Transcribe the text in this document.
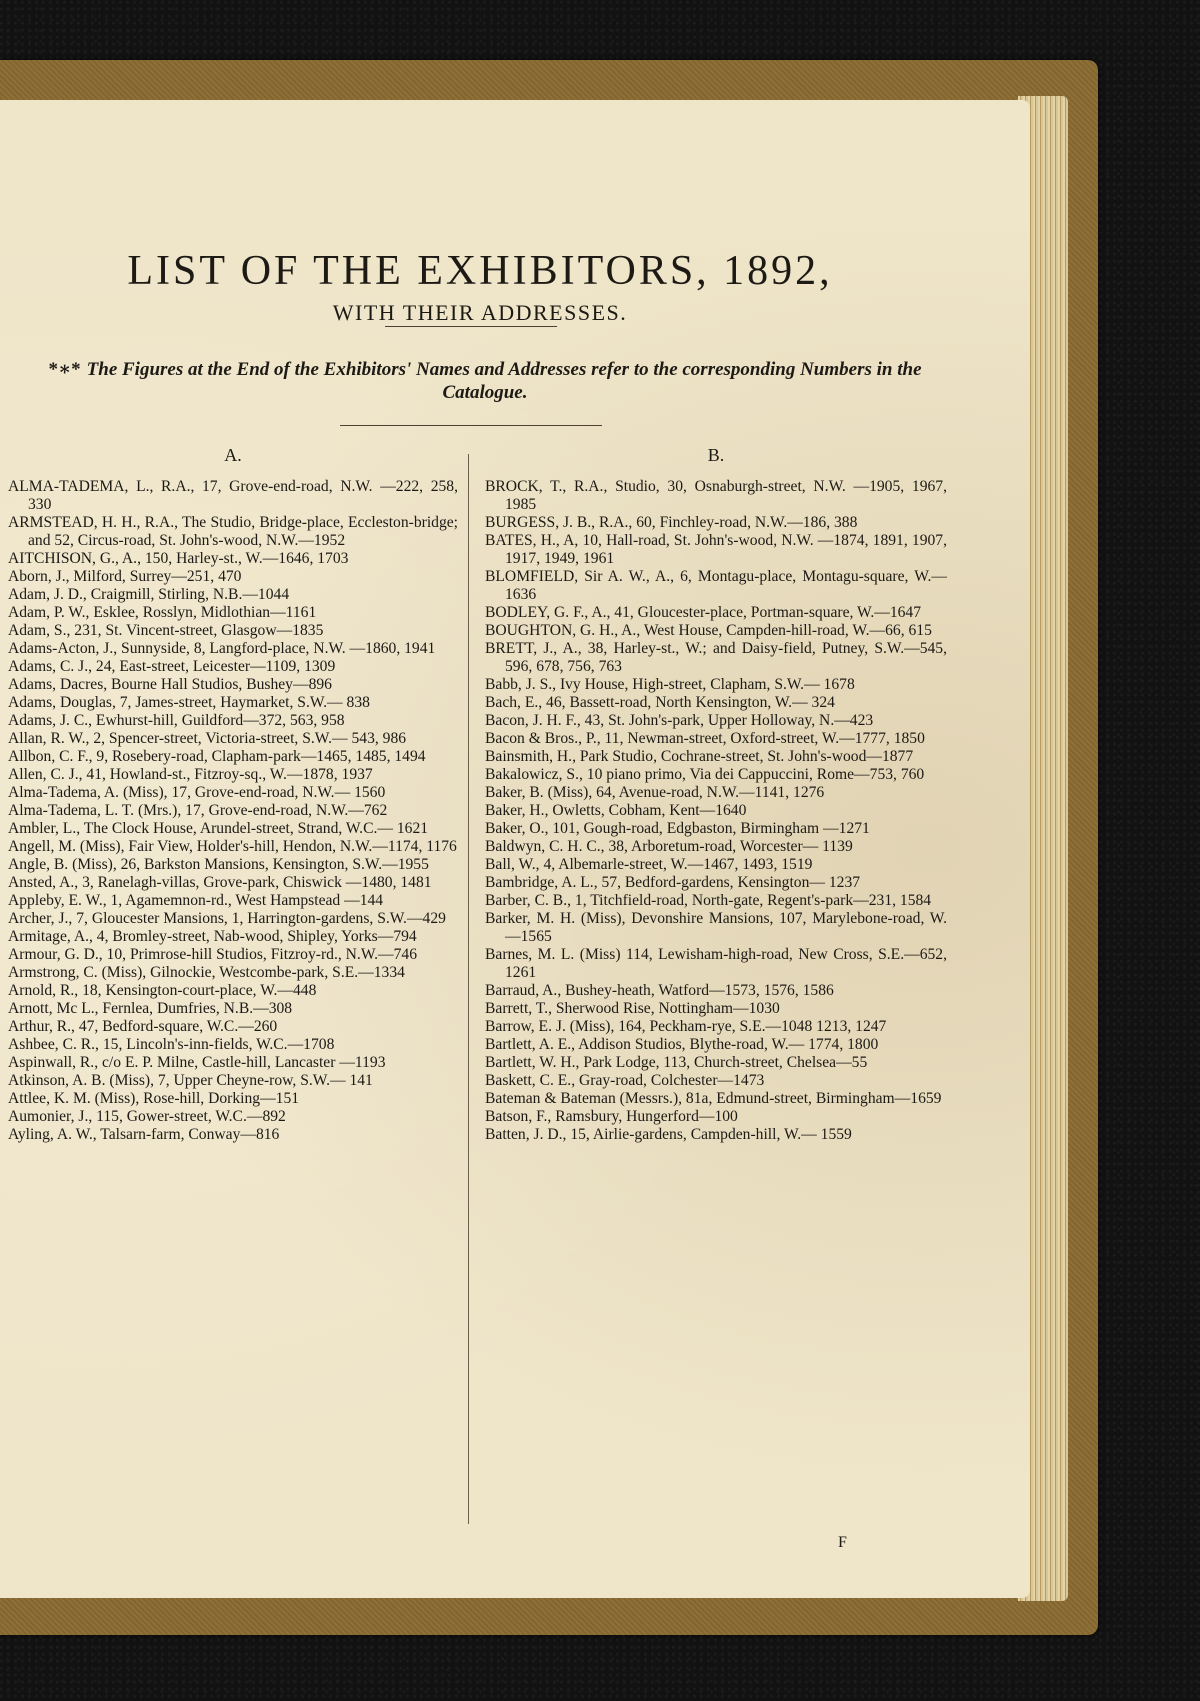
LIST OF THE EXHIBITORS, 1892,
WITH THEIR ADDRESSES.
*∗* The Figures at the End of the Exhibitors' Names and Addresses refer to the corresponding Numbers in the Catalogue.
A.

ALMA-TADEMA, L., R.A., 17, Grove-end-road, N.W. —222, 258, 330

ARMSTEAD, H. H., R.A., The Studio, Bridge-place, Eccleston-bridge; and 52, Circus-road, St. John's-wood, N.W.—1952

AITCHISON, G., A., 150, Harley-st., W.—1646, 1703

Aborn, J., Milford, Surrey—251, 470

Adam, J. D., Craigmill, Stirling, N.B.—1044

Adam, P. W., Esklee, Rosslyn, Midlothian—1161

Adam, S., 231, St. Vincent-street, Glasgow—1835

Adams-Acton, J., Sunnyside, 8, Langford-place, N.W. —1860, 1941

Adams, C. J., 24, East-street, Leicester—1109, 1309

Adams, Dacres, Bourne Hall Studios, Bushey—896

Adams, Douglas, 7, James-street, Haymarket, S.W.— 838

Adams, J. C., Ewhurst-hill, Guildford—372, 563, 958

Allan, R. W., 2, Spencer-street, Victoria-street, S.W.— 543, 986

Allbon, C. F., 9, Rosebery-road, Clapham-park—1465, 1485, 1494

Allen, C. J., 41, Howland-st., Fitzroy-sq., W.—1878, 1937

Alma-Tadema, A. (Miss), 17, Grove-end-road, N.W.— 1560

Alma-Tadema, L. T. (Mrs.), 17, Grove-end-road, N.W.—762

Ambler, L., The Clock House, Arundel-street, Strand, W.C.— 1621

Angell, M. (Miss), Fair View, Holder's-hill, Hendon, N.W.—1174, 1176

Angle, B. (Miss), 26, Barkston Mansions, Kensington, S.W.—1955

Ansted, A., 3, Ranelagh-villas, Grove-park, Chiswick —1480, 1481

Appleby, E. W., 1, Agamemnon-rd., West Hampstead —144

Archer, J., 7, Gloucester Mansions, 1, Harrington-gardens, S.W.—429

Armitage, A., 4, Bromley-street, Nab-wood, Shipley, Yorks—794

Armour, G. D., 10, Primrose-hill Studios, Fitzroy-rd., N.W.—746

Armstrong, C. (Miss), Gilnockie, Westcombe-park, S.E.—1334

Arnold, R., 18, Kensington-court-place, W.—448

Arnott, Mc L., Fernlea, Dumfries, N.B.—308

Arthur, R., 47, Bedford-square, W.C.—260

Ashbee, C. R., 15, Lincoln's-inn-fields, W.C.—1708

Aspinwall, R., c/o E. P. Milne, Castle-hill, Lancaster —1193

Atkinson, A. B. (Miss), 7, Upper Cheyne-row, S.W.— 141

Attlee, K. M. (Miss), Rose-hill, Dorking—151

Aumonier, J., 115, Gower-street, W.C.—892

Ayling, A. W., Talsarn-farm, Conway—816

B.

BROCK, T., R.A., Studio, 30, Osnaburgh-street, N.W. —1905, 1967, 1985

BURGESS, J. B., R.A., 60, Finchley-road, N.W.—186, 388

BATES, H., A, 10, Hall-road, St. John's-wood, N.W. —1874, 1891, 1907, 1917, 1949, 1961

BLOMFIELD, Sir A. W., A., 6, Montagu-place, Montagu-square, W.—1636

BODLEY, G. F., A., 41, Gloucester-place, Portman-square, W.—1647

BOUGHTON, G. H., A., West House, Campden-hill-road, W.—66, 615

BRETT, J., A., 38, Harley-st., W.; and Daisy-field, Putney, S.W.—545, 596, 678, 756, 763

Babb, J. S., Ivy House, High-street, Clapham, S.W.— 1678

Bach, E., 46, Bassett-road, North Kensington, W.— 324

Bacon, J. H. F., 43, St. John's-park, Upper Holloway, N.—423

Bacon & Bros., P., 11, Newman-street, Oxford-street, W.—1777, 1850

Bainsmith, H., Park Studio, Cochrane-street, St. John's-wood—1877

Bakalowicz, S., 10 piano primo, Via dei Cappuccini, Rome—753, 760

Baker, B. (Miss), 64, Avenue-road, N.W.—1141, 1276

Baker, H., Owletts, Cobham, Kent—1640

Baker, O., 101, Gough-road, Edgbaston, Birmingham —1271

Baldwyn, C. H. C., 38, Arboretum-road, Worcester— 1139

Ball, W., 4, Albemarle-street, W.—1467, 1493, 1519

Bambridge, A. L., 57, Bedford-gardens, Kensington— 1237

Barber, C. B., 1, Titchfield-road, North-gate, Regent's-park—231, 1584

Barker, M. H. (Miss), Devonshire Mansions, 107, Marylebone-road, W.—1565

Barnes, M. L. (Miss) 114, Lewisham-high-road, New Cross, S.E.—652, 1261

Barraud, A., Bushey-heath, Watford—1573, 1576, 1586

Barrett, T., Sherwood Rise, Nottingham—1030

Barrow, E. J. (Miss), 164, Peckham-rye, S.E.—1048 1213, 1247

Bartlett, A. E., Addison Studios, Blythe-road, W.— 1774, 1800

Bartlett, W. H., Park Lodge, 113, Church-street, Chelsea—55

Baskett, C. E., Gray-road, Colchester—1473

Bateman & Bateman (Messrs.), 81a, Edmund-street, Birmingham—1659

Batson, F., Ramsbury, Hungerford—100

Batten, J. D., 15, Airlie-gardens, Campden-hill, W.— 1559

F
